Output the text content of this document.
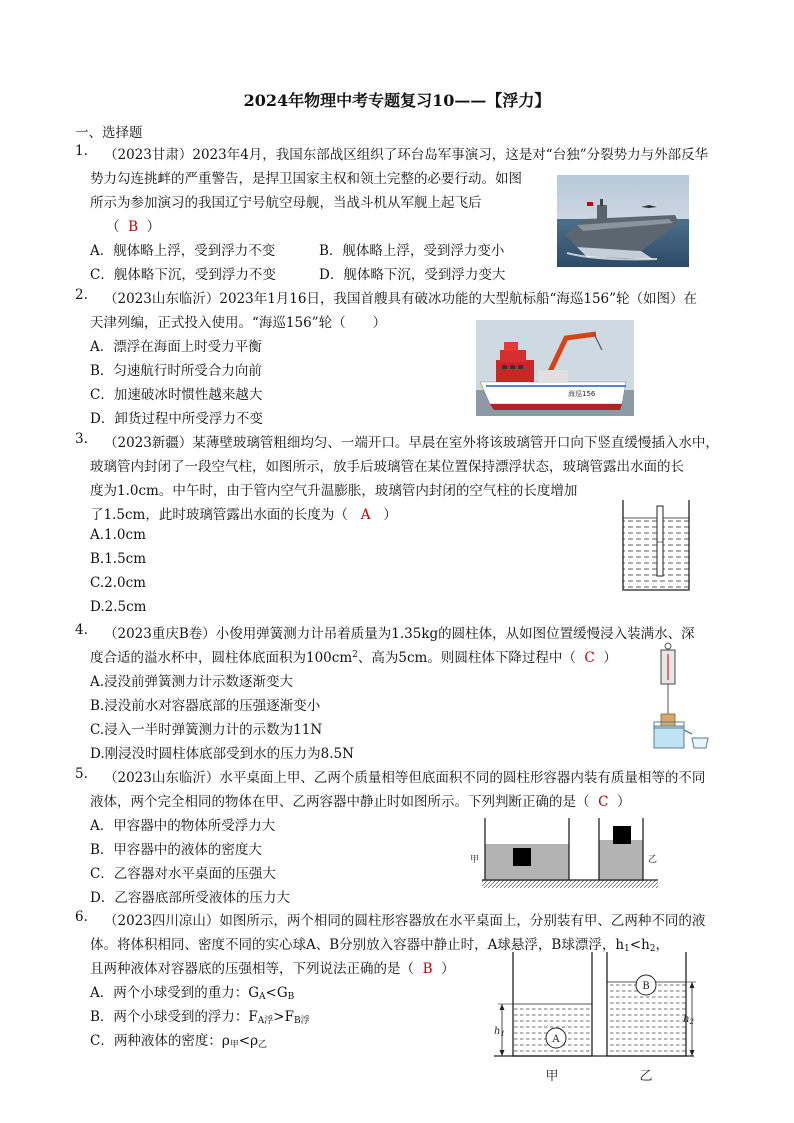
2024年物理中考专题复习10——【浮力】
一、选择题
1. （2023甘肃）2023年4月，我国东部战区组织了环台岛军事演习，这是对“台独”分裂势力与外部反华
势力勾连挑衅的严重警告，是捍卫国家主权和领土完整的必要行动。如图
所示为参加演习的我国辽宁号航空母舰，当战斗机从军舰上起飞后
（ B ）
A．舰体略上浮，受到浮力不变	B．舰体略上浮，受到浮力变小
C．舰体略下沉，受到浮力不变	D．舰体略下沉，受到浮力变大
2. （2023山东临沂）2023年1月16日，我国首艘具有破冰功能的大型航标船“海巡156”轮（如图）在
天津列编，正式投入使用。“海巡156”轮（　　）
A．漂浮在海面上时受力平衡
B．匀速航行时所受合力向前
C．加速破冰时惯性越来越大
D．卸货过程中所受浮力不变
海巡156
3. （2023新疆）某薄壁玻璃管粗细均匀、一端开口。早晨在室外将该玻璃管开口向下竖直缓慢插入水中，
玻璃管内封闭了一段空气柱，如图所示，放手后玻璃管在某位置保持漂浮状态，玻璃管露出水面的长
度为1.0cm。中午时，由于管内空气升温膨胀，玻璃管内封闭的空气柱的长度增加
了1.5cm，此时玻璃管露出水面的长度为（ A ）
A.1.0cm
B.1.5cm
C.2.0cm
D.2.5cm
4. （2023重庆B卷）小俊用弹簧测力计吊着质量为1.35kg的圆柱体，从如图位置缓慢浸入装满水、深
度合适的溢水杯中，圆柱体底面积为$100cm^2$、高为5cm。则圆柱体下降过程中（ C ）
A.浸没前弹簧测力计示数逐渐变大
B.浸没前水对容器底部的压强逐渐变小
C.浸入一半时弹簧测力计的示数为11N
D.刚浸没时圆柱体底部受到水的压力为8.5N
5. （2023山东临沂）水平桌面上甲、乙两个质量相等但底面积不同的圆柱形容器内装有质量相等的不同
液体，两个完全相同的物体在甲、乙两容器中静止时如图所示。下列判断正确的是（ C ）
A．甲容器中的物体所受浮力大
B．甲容器中的液体的密度大
C．乙容器对水平桌面的压强大
D．乙容器底部所受液体的压力大
甲	乙
6. （2023四川凉山）如图所示，两个相同的圆柱形容器放在水平桌面上，分别装有甲、乙两种不同的液
体。将体积相同、密度不同的实心球A、B分别放入容器中静止时，A球悬浮，B球漂浮，$h_1<h_2$，
且两种液体对容器底的压强相等，下列说法正确的是（ B ）
A．两个小球受到的重力：$G_A<G_B$
B．两个小球受到的浮力：$F_{A浮}>F_{B浮}$
C．两种液体的密度：$\rho_甲<\rho_乙$	A
B
$h_1$
$h_2$
甲	乙
